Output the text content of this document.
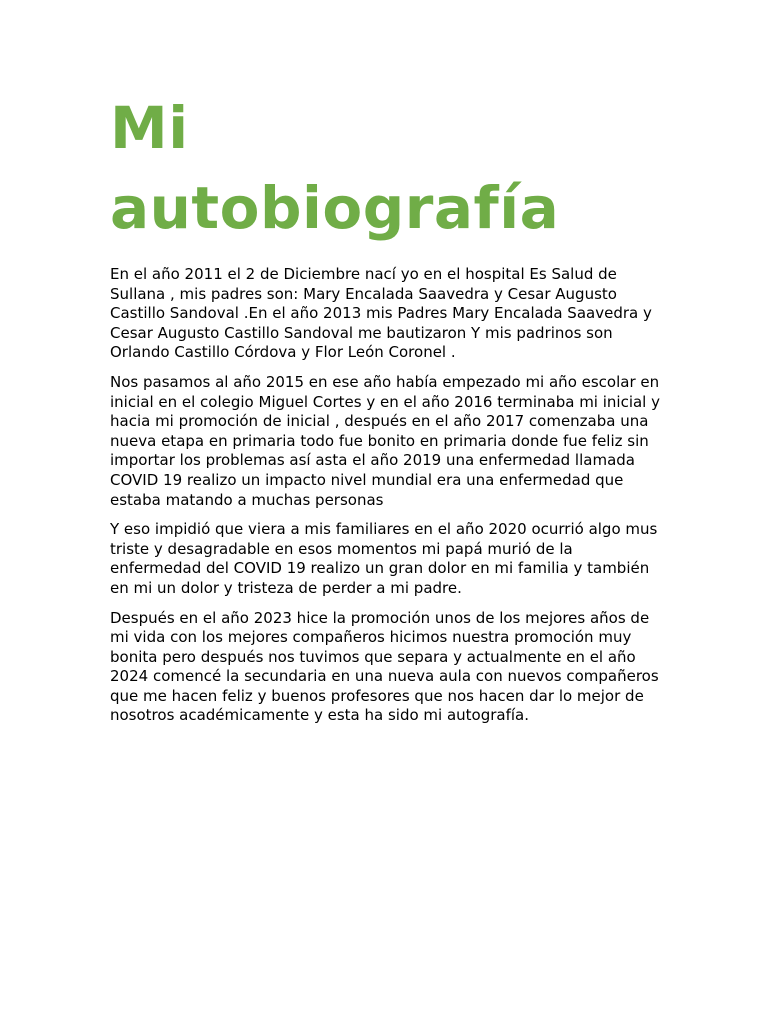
Mi
autobiografía

En el año 2011 el 2 de Diciembre nací yo en el hospital Es Salud de Sullana , mis padres son: Mary Encalada Saavedra y Cesar Augusto Castillo Sandoval .En el año 2013 mis Padres Mary Encalada Saavedra y Cesar Augusto Castillo Sandoval me bautizaron Y mis padrinos son Orlando Castillo Córdova y Flor León Coronel .

Nos pasamos al año 2015 en ese año había empezado mi año escolar en inicial en el colegio Miguel Cortes y en el año 2016 terminaba mi inicial y hacia mi promoción de inicial , después en el año 2017 comenzaba una nueva etapa en primaria todo fue bonito en primaria donde fue feliz sin importar los problemas así asta el año 2019 una enfermedad llamada COVID 19 realizo un impacto nivel mundial era una enfermedad que estaba matando a muchas personas

Y eso impidió que viera a mis familiares en el año 2020 ocurrió algo mus triste y desagradable en esos momentos mi papá murió de la enfermedad del COVID 19 realizo un gran dolor en mi familia y también en mi un dolor y tristeza de perder a mi padre.

Después en el año 2023 hice la promoción unos de los mejores años de mi vida con los mejores compañeros hicimos nuestra promoción muy bonita pero después nos tuvimos que separa y actualmente en el año 2024 comencé la secundaria en una nueva aula con nuevos compañeros que me hacen feliz y buenos profesores que nos hacen dar lo mejor de nosotros académicamente y esta ha sido mi autografía.
